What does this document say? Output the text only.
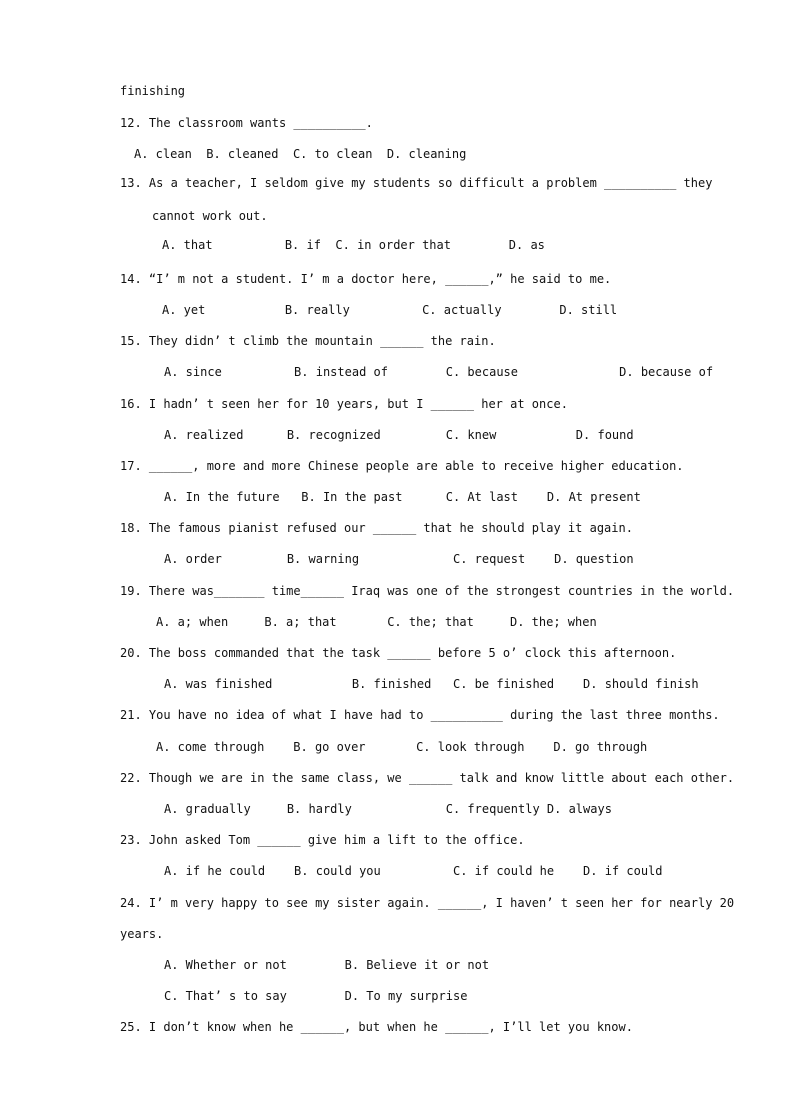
finishing
12. The classroom wants __________.
A. clean  B. cleaned  C. to clean  D. cleaning
13. As a teacher, I seldom give my students so difficult a problem __________ they
cannot work out.
A. that          B. if  C. in order that        D. as
14. “I’ m not a student. I’ m a doctor here, ______,” he said to me.
A. yet           B. really          C. actually        D. still
15. They didn’ t climb the mountain ______ the rain.
A. since          B. instead of        C. because              D. because of
16. I hadn’ t seen her for 10 years, but I ______ her at once.
A. realized      B. recognized         C. knew           D. found
17. ______, more and more Chinese people are able to receive higher education.
A. In the future   B. In the past      C. At last    D. At present
18. The famous pianist refused our ______ that he should play it again.
A. order         B. warning             C. request    D. question
19. There was_______ time______ Iraq was one of the strongest countries in the world.
A. a; when     B. a; that       C. the; that     D. the; when
20. The boss commanded that the task ______ before 5 o’ clock this afternoon.
A. was finished           B. finished   C. be finished    D. should finish
21. You have no idea of what I have had to __________ during the last three months.
A. come through    B. go over       C. look through    D. go through
22. Though we are in the same class, we ______ talk and know little about each other.
A. gradually     B. hardly             C. frequently D. always
23. John asked Tom ______ give him a lift to the office.
A. if he could    B. could you          C. if could he    D. if could
24. I’ m very happy to see my sister again. ______, I haven’ t seen her for nearly 20
years.
A. Whether or not        B. Believe it or not
C. That’ s to say        D. To my surprise
25. I don’t know when he ______, but when he ______, I’ll let you know.
